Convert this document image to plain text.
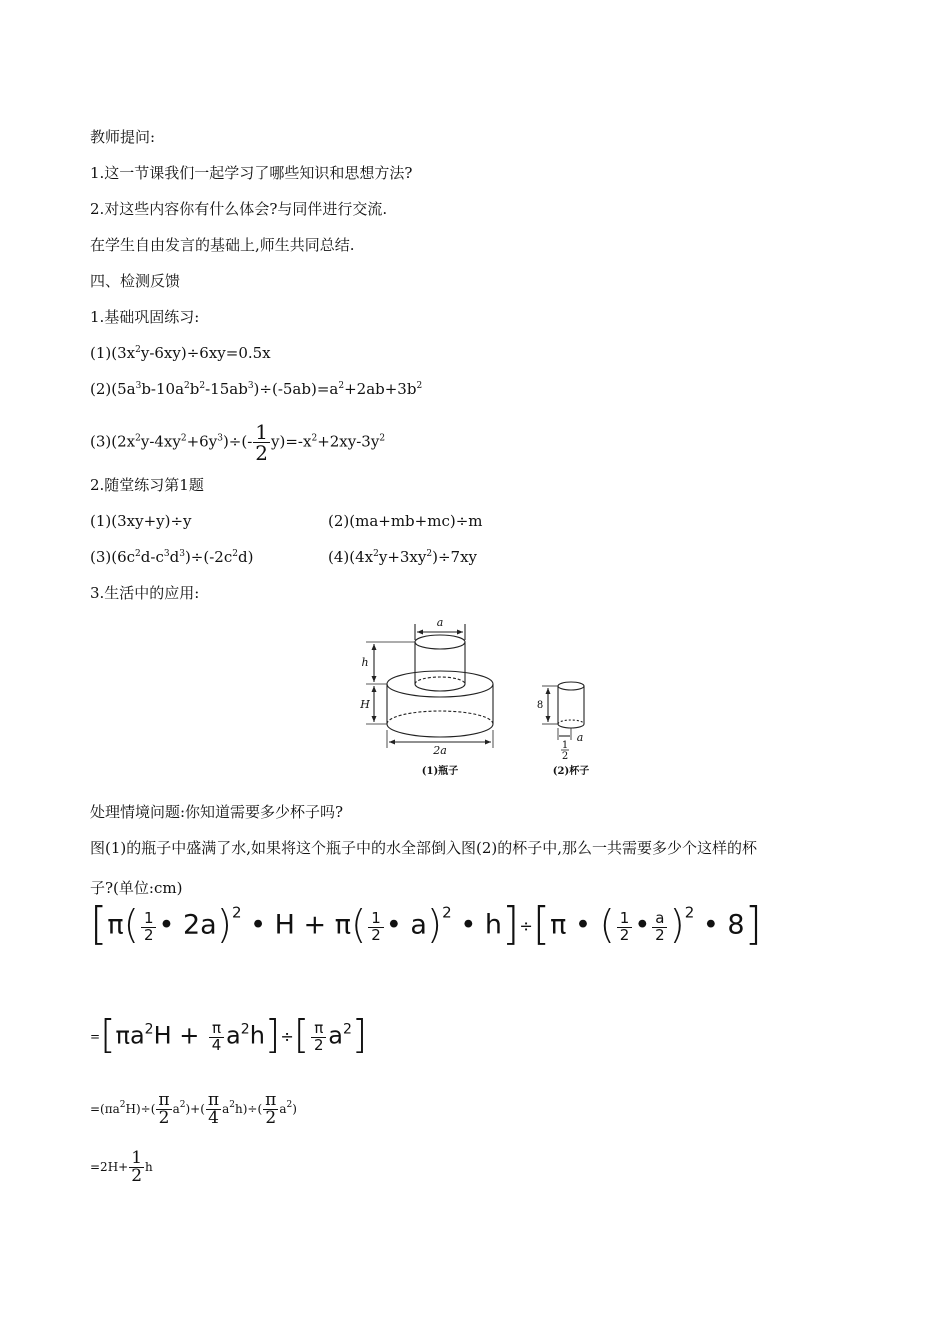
教师提问:
1.这一节课我们一起学习了哪些知识和思想方法?
2.对这些内容你有什么体会?与同伴进行交流.
在学生自由发言的基础上,师生共同总结.
四、检测反馈
1.基础巩固练习:
$(1)(3x^2y-6xy)\div 6xy=0.5x$
$(2)(5a^3b-10a^2b^2-15ab^3)\div(-5ab)=a^2+2ab+3b^2$
$(3)(2x^2y-4xy^2+6y^3)\div(- \frac{1}{2} y)=-x^2+2xy-3y^2$
2.随堂练习第1题
(1)(3xy+y)÷y	(2)(ma+mb+mc)÷m
$(3)(6c^2d-c^3d^3)\div(-2c^2d)$	$(4)(4x^2y+3xy^2)\div 7xy$
3.生活中的应用:
a
h
H
2a
a
8
1
2
(1)瓶子	(2)杯子
处理情境问题:你知道需要多少杯子吗?
图(1)的瓶子中盛满了水,如果将这个瓶子中的水全部倒入图(2)的杯子中,那么一共需要多少个这样的杯
子?(单位:cm)
[$\pi( \frac{1}{2}$ • 2a)$^2$ • $H + \pi( \frac{1}{2}$ • a)$^2$ • h]÷[π • ( $\frac{1}{2}$ • $\frac{a}{2} )^2$ • 8]
$=[\pi a^2H + \frac{\pi}{4} a^2h]\div[ \frac{\pi}{2} a^2]$
$=(\pi a^2H)\div( \frac{\pi}{2} a^2)+( \frac{\pi}{4} a^2h)\div( \frac{\pi}{2} a^2)$
$=2H+ \frac{1}{2}$ h
